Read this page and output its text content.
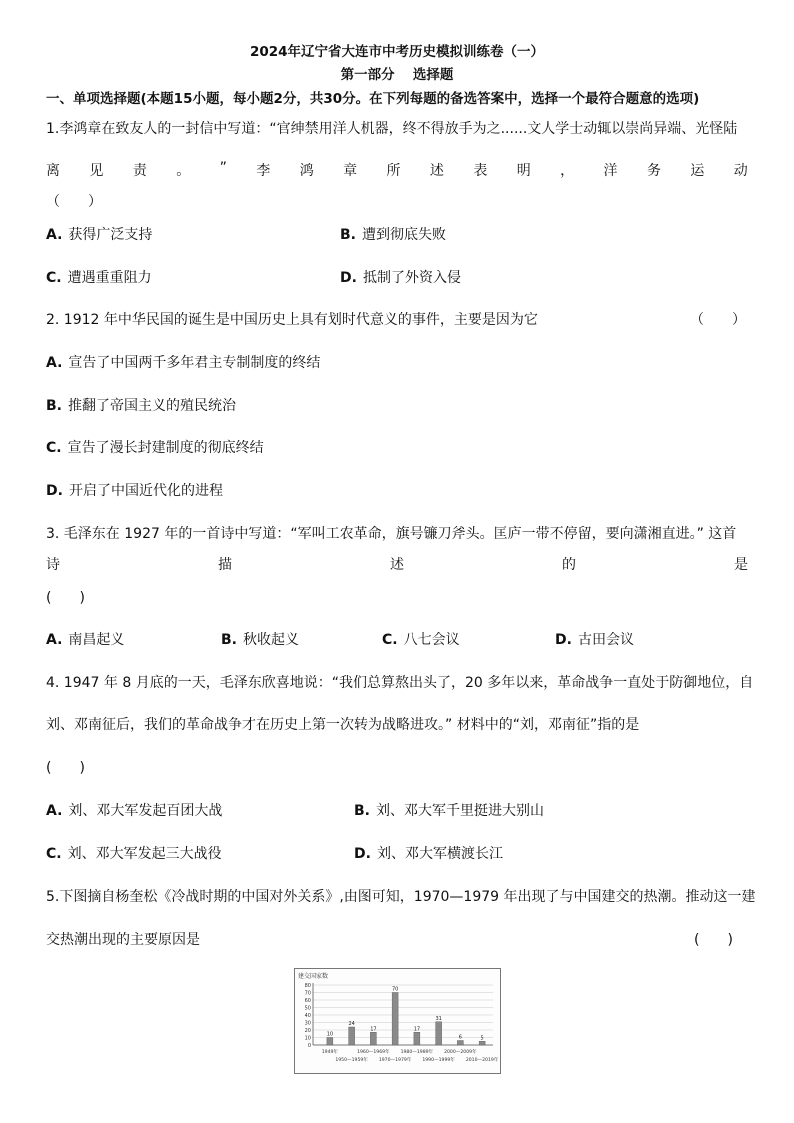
2024年辽宁省大连市中考历史模拟训练卷（一）
第一部分　 选择题
一、单项选择题(本题15小题，每小题2分，共30分。在下列每题的备选答案中，选择一个最符合题意的选项)
1.李鸿章在致友人的一封信中写道：“官绅禁用洋人机器，终不得放手为之......文人学士动辄以崇尚异端、光怪陆
离 见 责 。 ” 李 鸿 章 所 述 表 明 ， 洋 务 运 动
（　　）
A. 获得广泛支持	B. 遭到彻底失败
C. 遭遇重重阻力	D. 抵制了外资入侵
2. 1912 年中华民国的诞生是中国历史上具有划时代意义的事件，主要是因为它	（　　）
A. 宣告了中国两千多年君主专制制度的终结
B. 推翻了帝国主义的殖民统治
C. 宣告了漫长封建制度的彻底终结
D. 开启了中国近代化的进程
3. 毛泽东在 1927 年的一首诗中写道：“军叫工农革命，旗号镰刀斧头。匡庐一带不停留，要向潇湘直进。” 这首
诗	描	述	的	是
(　　)
A. 南昌起义	B. 秋收起义	C. 八七会议	D. 古田会议
4. 1947 年 8 月底的一天，毛泽东欣喜地说：“我们总算熬出头了，20 多年以来，革命战争一直处于防御地位，自
刘、邓南征后，我们的革命战争才在历史上第一次转为战略进攻。” 材料中的“刘，邓南征”指的是
(　　)
A. 刘、邓大军发起百团大战	B. 刘、邓大军千里挺进大别山
C. 刘、邓大军发起三大战役	D. 刘、邓大军横渡长江
5.下图摘自杨奎松《冷战时期的中国对外关系》,由图可知，1970—1979 年出现了与中国建交的热潮。推动这一建
交热潮出现的主要原因是	(　　)
建交国家数
0
10
20
30
40
50
60
70
80
10
1949年
24
1950—1959年
17
1960—1969年
70
1970—1979年
17
1980—1989年
31
1990—1999年
6
2000—2009年
5
2010—2019年
